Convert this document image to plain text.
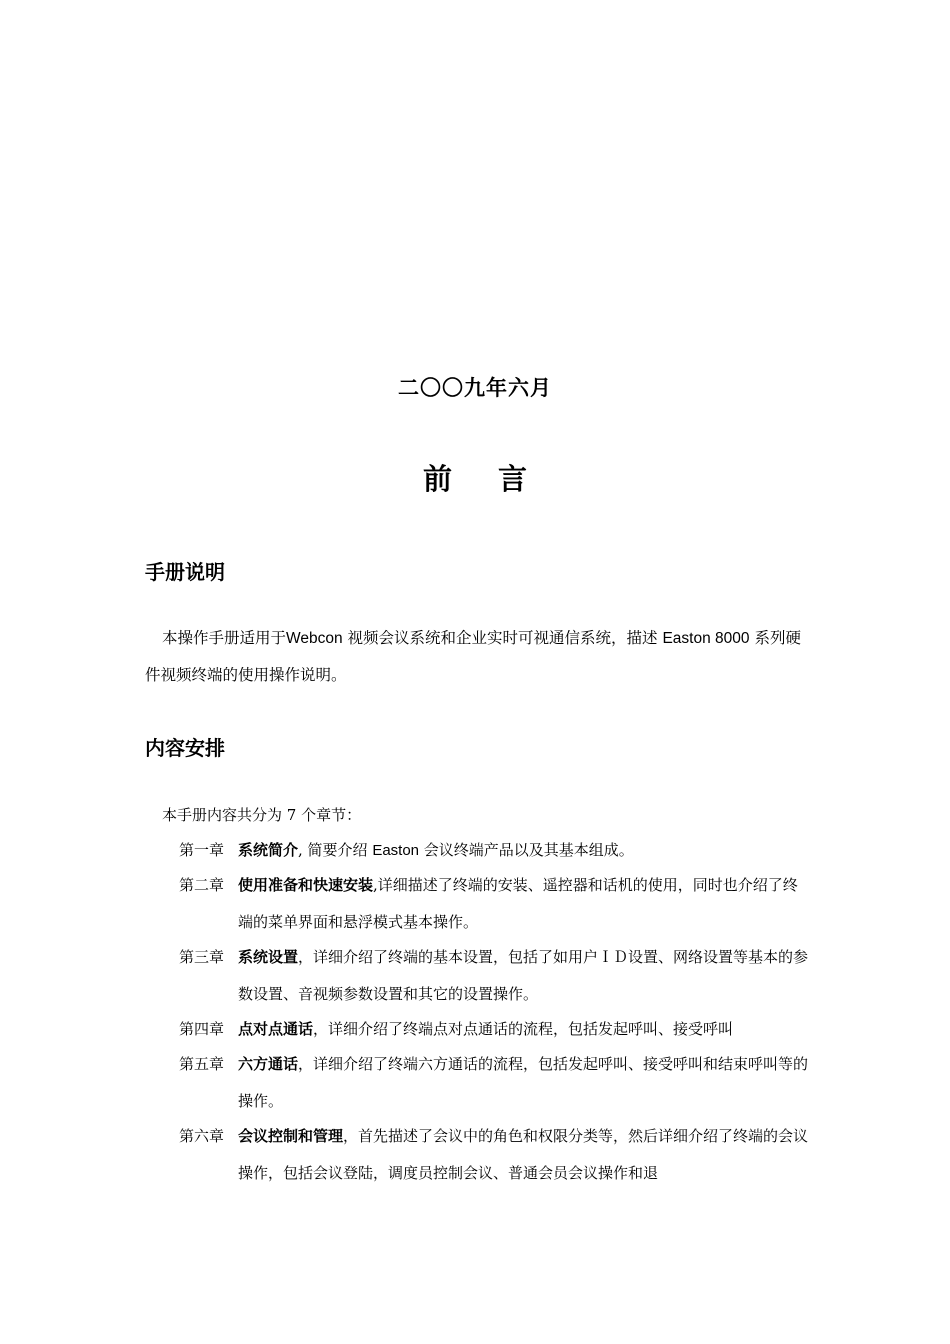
二〇〇九年六月
前 言
手册说明
本操作手册适用于Webcon 视频会议系统和企业实时可视通信系统，描述 Easton 8000 系列硬件视频终端的使用操作说明。
内容安排
本手册内容共分为 7 个章节：
第一章 系统简介, 简要介绍 Easton 会议终端产品以及其基本组成。
第二章 使用准备和快速安装,详细描述了终端的安装、遥控器和话机的使用，同时也介绍了终端的菜单界面和悬浮模式基本操作。
第三章 系统设置，详细介绍了终端的基本设置，包括了如用户ＩＤ设置、网络设置等基本的参数设置、音视频参数设置和其它的设置操作。
第四章 点对点通话，详细介绍了终端点对点通话的流程，包括发起呼叫、接受呼叫
第五章 六方通话，详细介绍了终端六方通话的流程，包括发起呼叫、接受呼叫和结束呼叫等的操作。
第六章 会议控制和管理，首先描述了会议中的角色和权限分类等，然后详细介绍了终端的会议操作，包括会议登陆，调度员控制会议、普通会员会议操作和退
